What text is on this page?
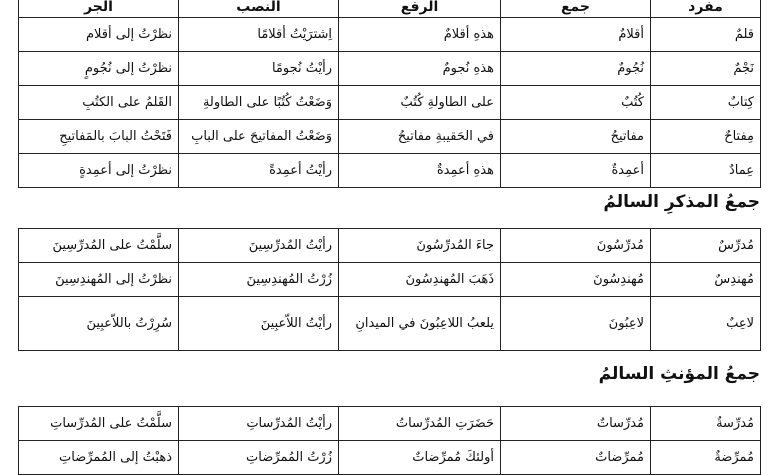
مفرد	جمع	الرفع	النصب	الجر
قلمٌ	أقلامٌ	هذهِ أقلامٌ	اِشترَيْتُ أقلامًا	نظرْتُ إلى أقلام
نَجْمٌ	نُجُومٌ	هذهِ نُجومٌ	رأيْتُ نُجومًا	نظرْتُ إلى نُجُومٍ
كِتابٌ	كُتُبٌ	على الطاولةِ كُتُبٌ	وَضَعْتُ كُتُبًا على الطاولةِ	القَلمُ على الكتُبِ
مِفتاحٌ	مفاتيحُ	في الحَقيبةِ مفاتيحُ	وَضَعْتُ المفاتيحَ على البابِ	فَتَحْتُ البابَ بالمَفاتيحِ
عِمادٌ	أعمِدةٌ	هذهِ أعمِدةٌ	رأيْتُ أعمِدةً	نظرْتُ إلى أعمِدةٍ
جمعُ المذكرِ السالمُ
مُدرِّسٌ	مُدرِّسُونَ	جاءَ المُدرِّسُونَ	رأيْتُ المُدرِّسِينَ	سلَّمْتُ على المُدرِّسِينَ
مُهندِسٌ	مُهندِسُونَ	ذَهَبَ المُهندِسُونَ	زُرْتُ المُهندِسِينَ	نظرْتُ إلى المُهندِسِينَ
لاعِبٌ	لاعِبُونَ	يلعبُ اللاعِبُونَ في الميدانِ	رأيْتُ اللاّعبِينَ	سُرِرْتُ باللاّعبِينَ
جمعُ المؤنثِ السالمُ
مُدرِّسةٌ	مُدرِّساتٌ	حَضَرَتِ المُدرِّساتُ	رأيْتُ المُدرِّساتِ	سلَّمْتُ على المُدرِّساتِ
مُمرِّضةٌ	مُمرِّضاتٌ	أولئكَ مُمرِّضاتٌ	زُرْتُ المُمرِّضاتِ	ذهبْتُ إلى المُمرِّضاتِ
